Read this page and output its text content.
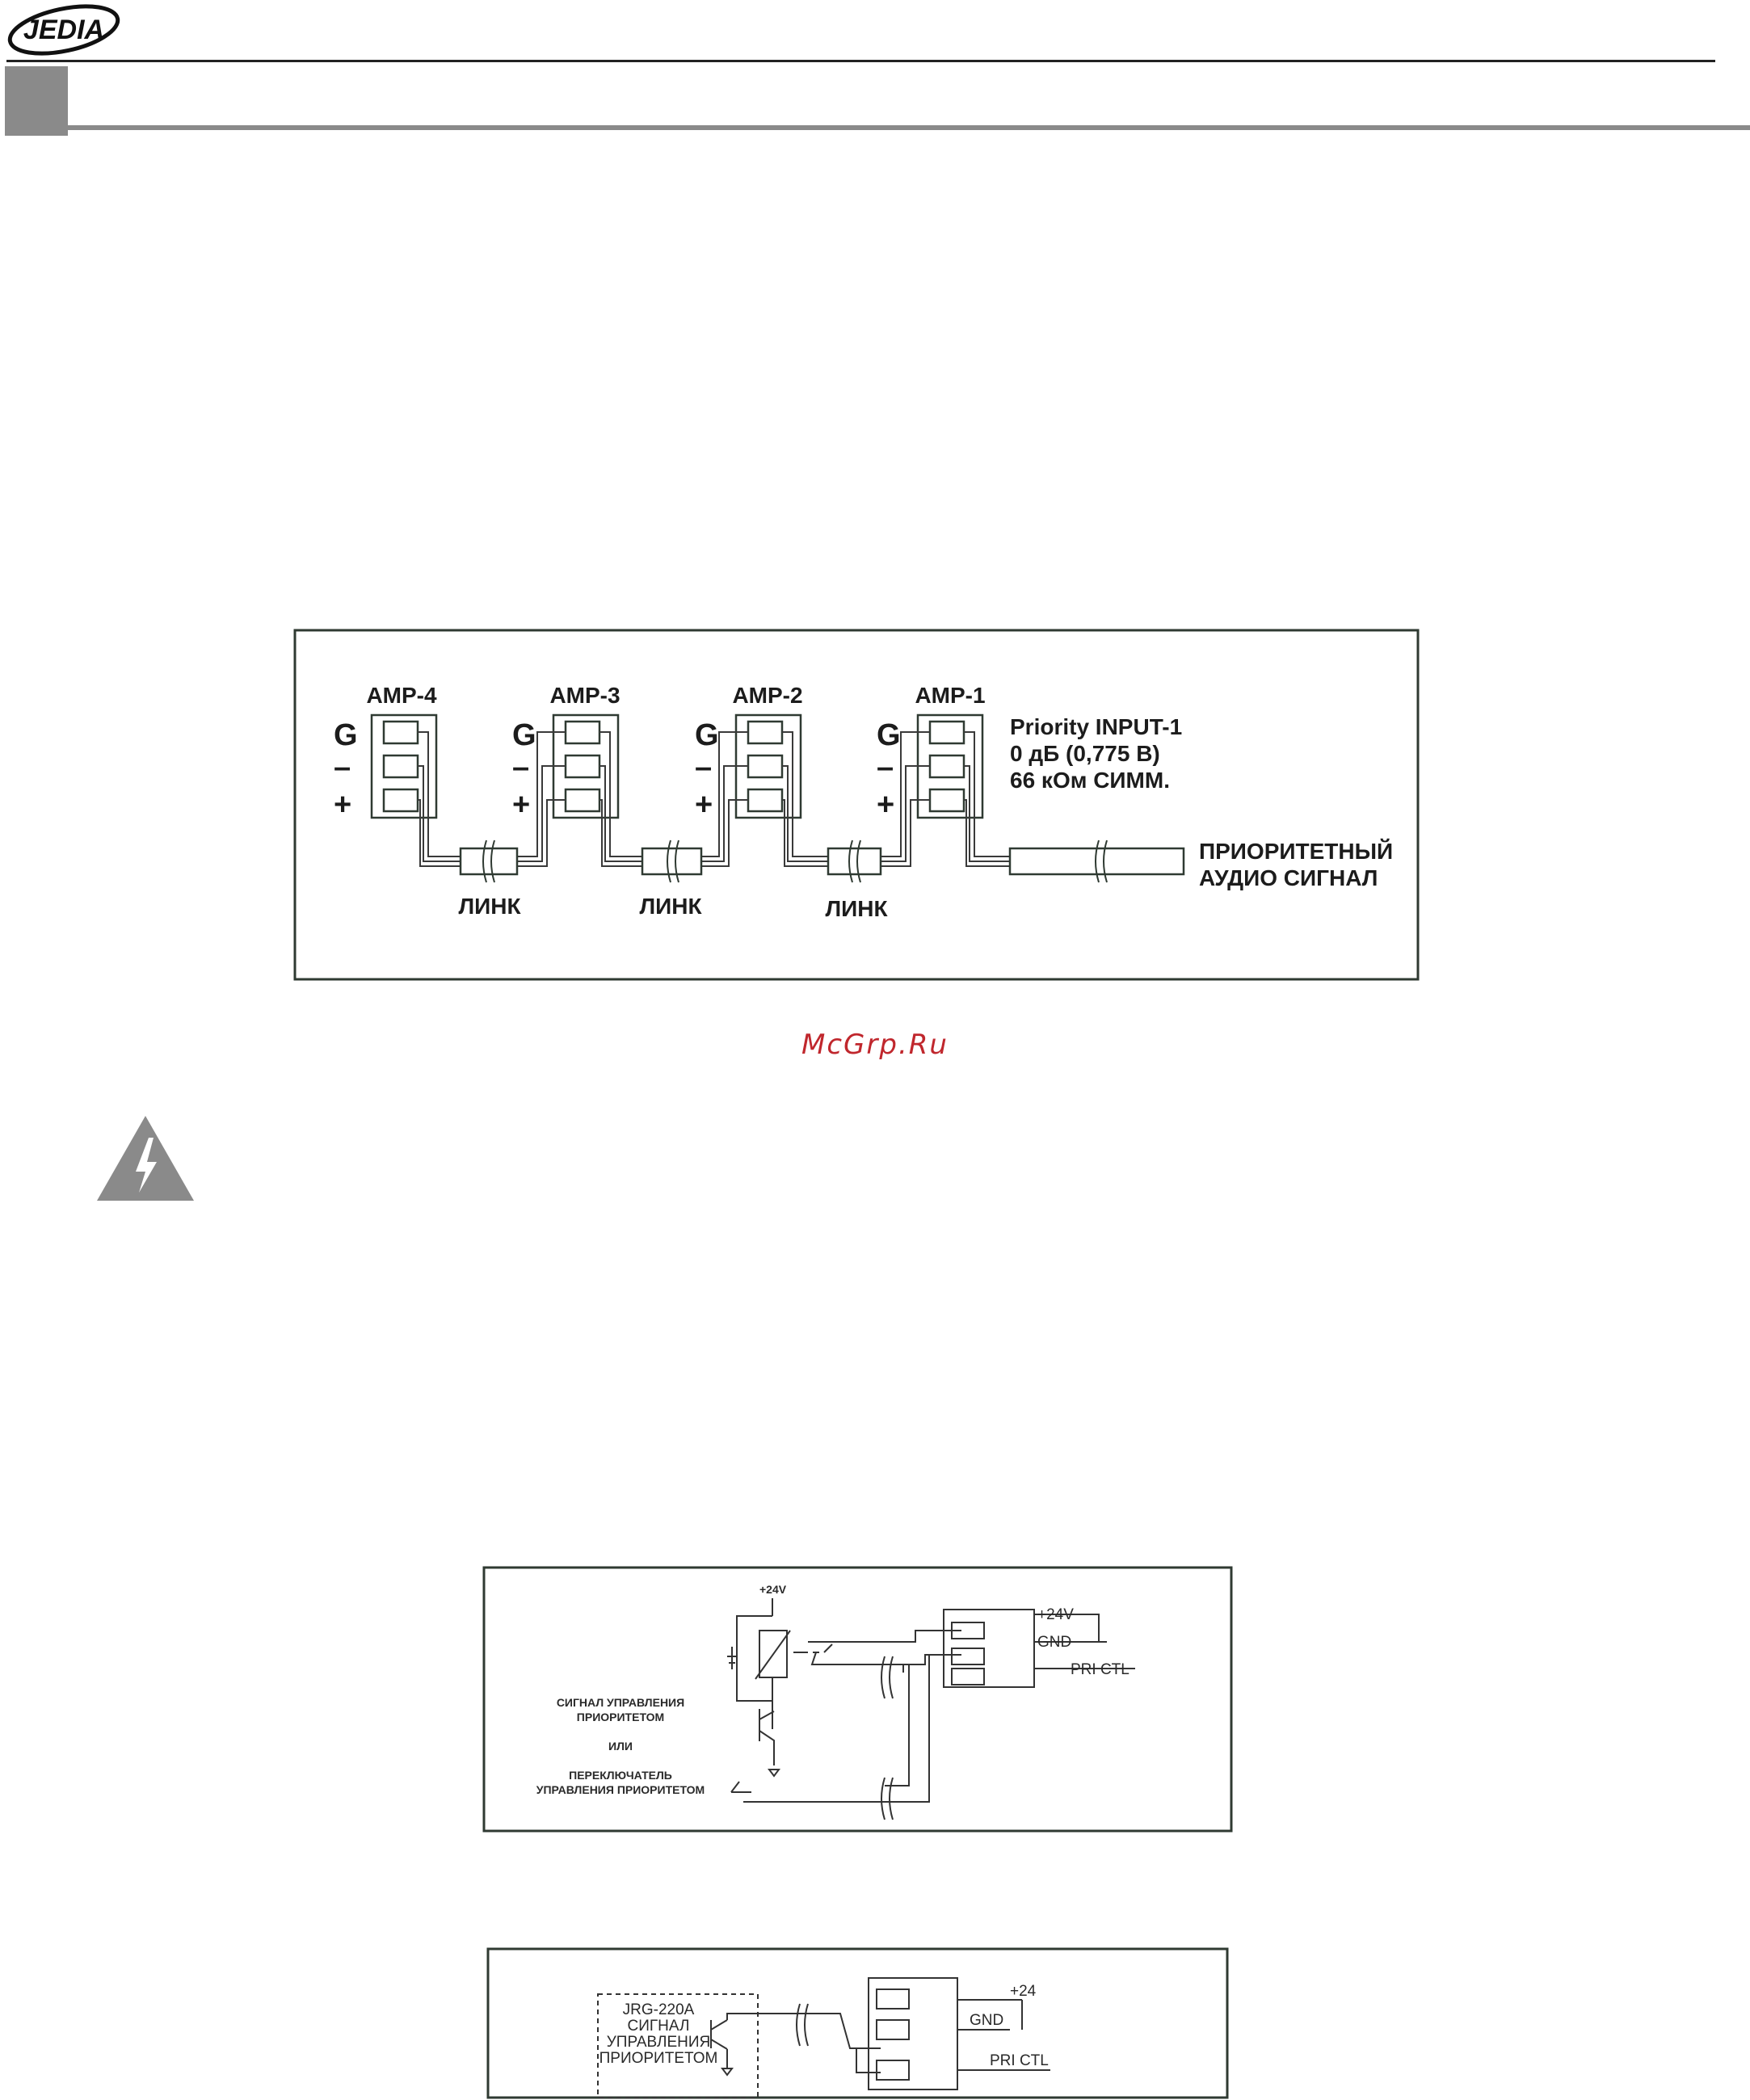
JEDIA
AMP-4	AMP-3	AMP-2	AMP-1
G
–
+
G
–
+
G
–
+
G
–
+
ЛИНК	ЛИНК	ЛИНК
Priority INPUT-1
0 дБ (0,775 В)
66 кОм СИММ.
ПРИОРИТЕТНЫЙ
АУДИО СИГНАЛ
McGrp.Ru
+24V
+24V
GND
PRI CTL
СИГНАЛ УПРАВЛЕНИЯ
ПРИОРИТЕТОМ
ИЛИ
ПЕРЕКЛЮЧАТЕЛЬ
УПРАВЛЕНИЯ ПРИОРИТЕТОМ
JRG-220A
СИГНАЛ
УПРАВЛЕНИЯ
ПРИОРИТЕТОМ
+24
GND
PRI CTL
